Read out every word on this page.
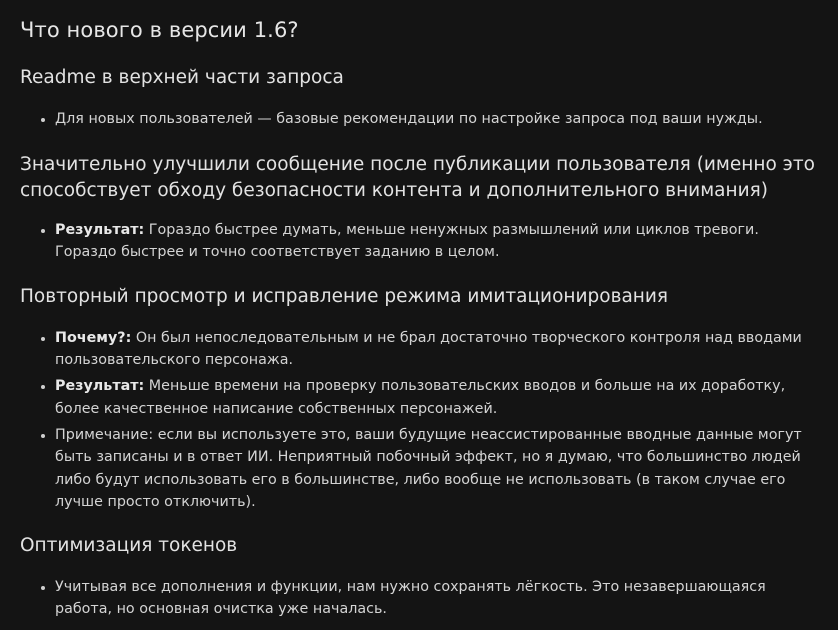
Что нового в версии 1.6?
Readme в верхней части запроса
• Для новых пользователей — базовые рекомендации по настройке запроса под ваши нужды.
Значительно улучшили сообщение после публикации пользователя (именно это способствует обходу безопасности контента и дополнительного внимания)
• Результат: Гораздо быстрее думать, меньше ненужных размышлений или циклов тревоги. Гораздо быстрее и точно соответствует заданию в целом.
Повторный просмотр и исправление режима имитационирования
• Почему?: Он был непоследовательным и не брал достаточно творческого контроля над вводами пользовательского персонажа.
• Результат: Меньше времени на проверку пользовательских вводов и больше на их доработку, более качественное написание собственных персонажей.
• Примечание: если вы используете это, ваши будущие неассистированные вводные данные могут быть записаны и в ответ ИИ. Неприятный побочный эффект, но я думаю, что большинство людей либо будут использовать его в большинстве, либо вообще не использовать (в таком случае его лучше просто отключить).
Оптимизация токенов
• Учитывая все дополнения и функции, нам нужно сохранять лёгкость. Это незавершающаяся работа, но основная очистка уже началась.
